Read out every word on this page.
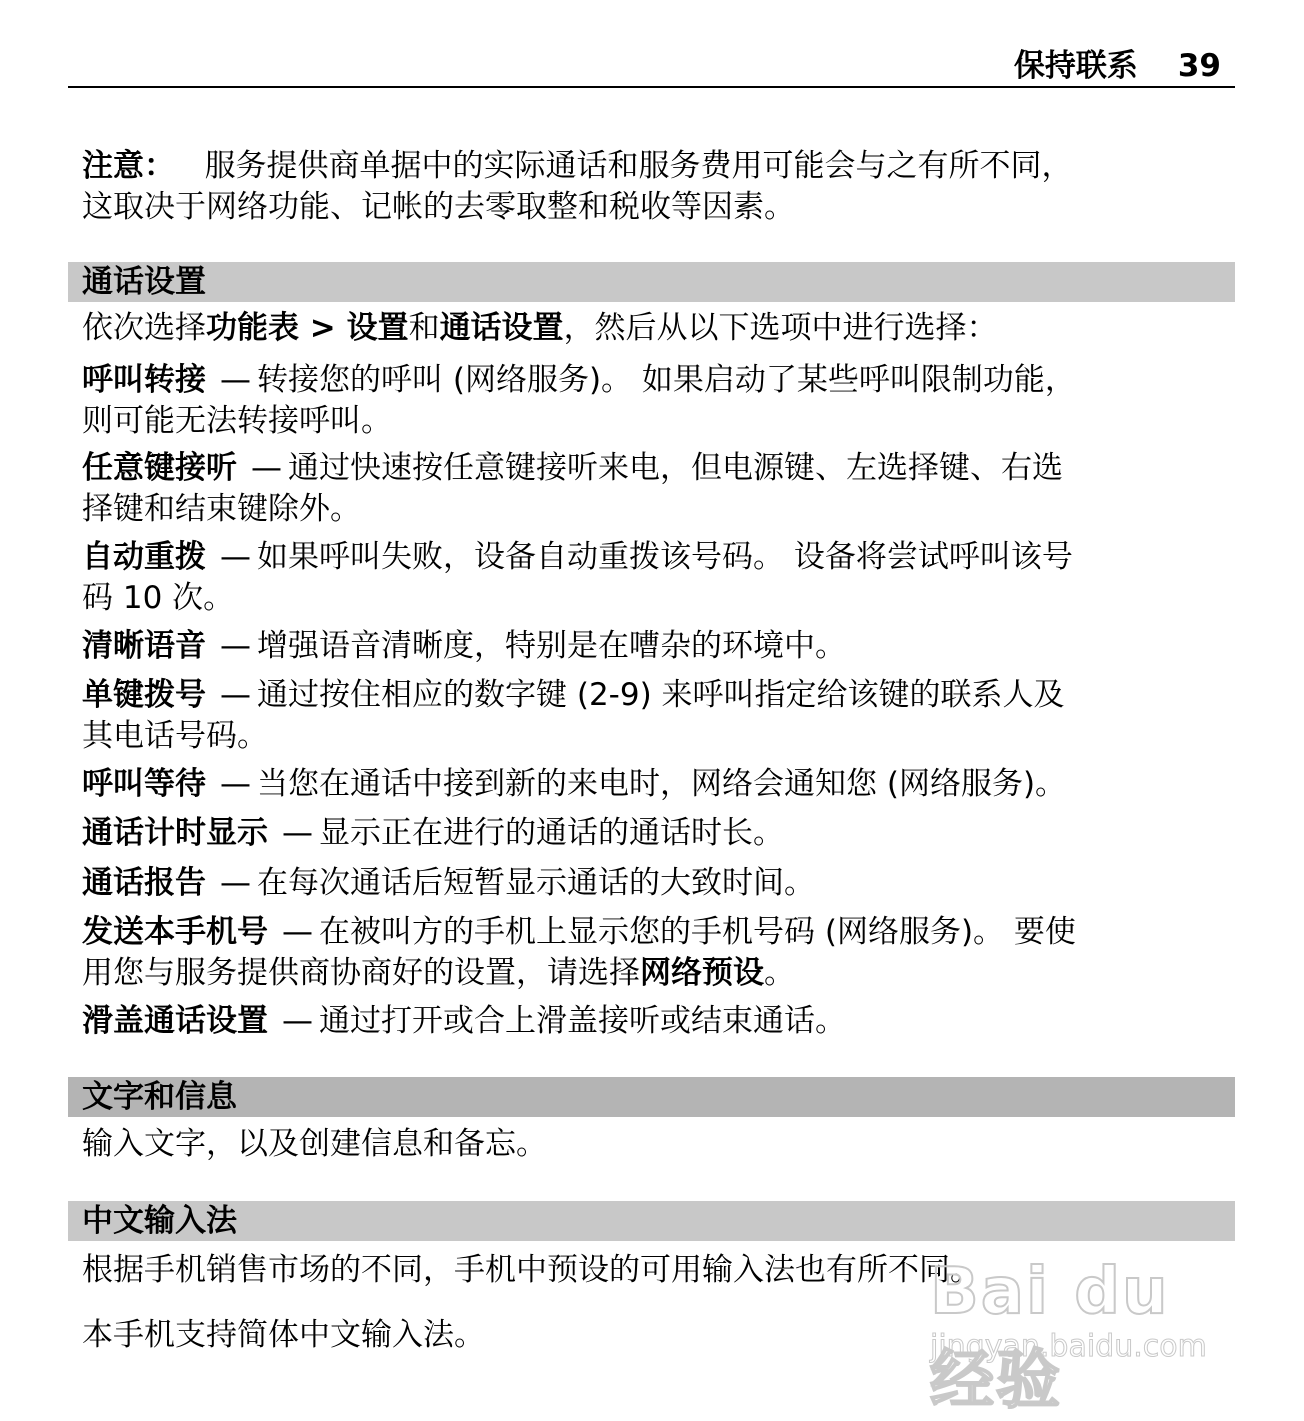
保持联系 39

注意： 服务提供商单据中的实际通话和服务费用可能会与之有所不同，
这取决于网络功能、记帐的去零取整和税收等因素。

通话设置

依次选择功能表 > 设置和通话设置，然后从以下选项中进行选择：

呼叫转接 — 转接您的呼叫 (网络服务)。 如果启动了某些呼叫限制功能，
则可能无法转接呼叫。

任意键接听 — 通过快速按任意键接听来电，但电源键、左选择键、右选
择键和结束键除外。

自动重拨 — 如果呼叫失败，设备自动重拨该号码。 设备将尝试呼叫该号
码 10 次。

清晰语音 — 增强语音清晰度，特别是在嘈杂的环境中。

单键拨号 — 通过按住相应的数字键 (2-9) 来呼叫指定给该键的联系人及
其电话号码。

呼叫等待 — 当您在通话中接到新的来电时，网络会通知您 (网络服务)。

通话计时显示 — 显示正在进行的通话的通话时长。

通话报告 — 在每次通话后短暂显示通话的大致时间。

发送本手机号 — 在被叫方的手机上显示您的手机号码 (网络服务)。 要使
用您与服务提供商协商好的设置，请选择网络预设。

滑盖通话设置 — 通过打开或合上滑盖接听或结束通话。

文字和信息

输入文字，以及创建信息和备忘。

中文输入法

根据手机销售市场的不同，手机中预设的可用输入法也有所不同。

本手机支持简体中文输入法。

Bai du 经验
jingyan.baidu.com
